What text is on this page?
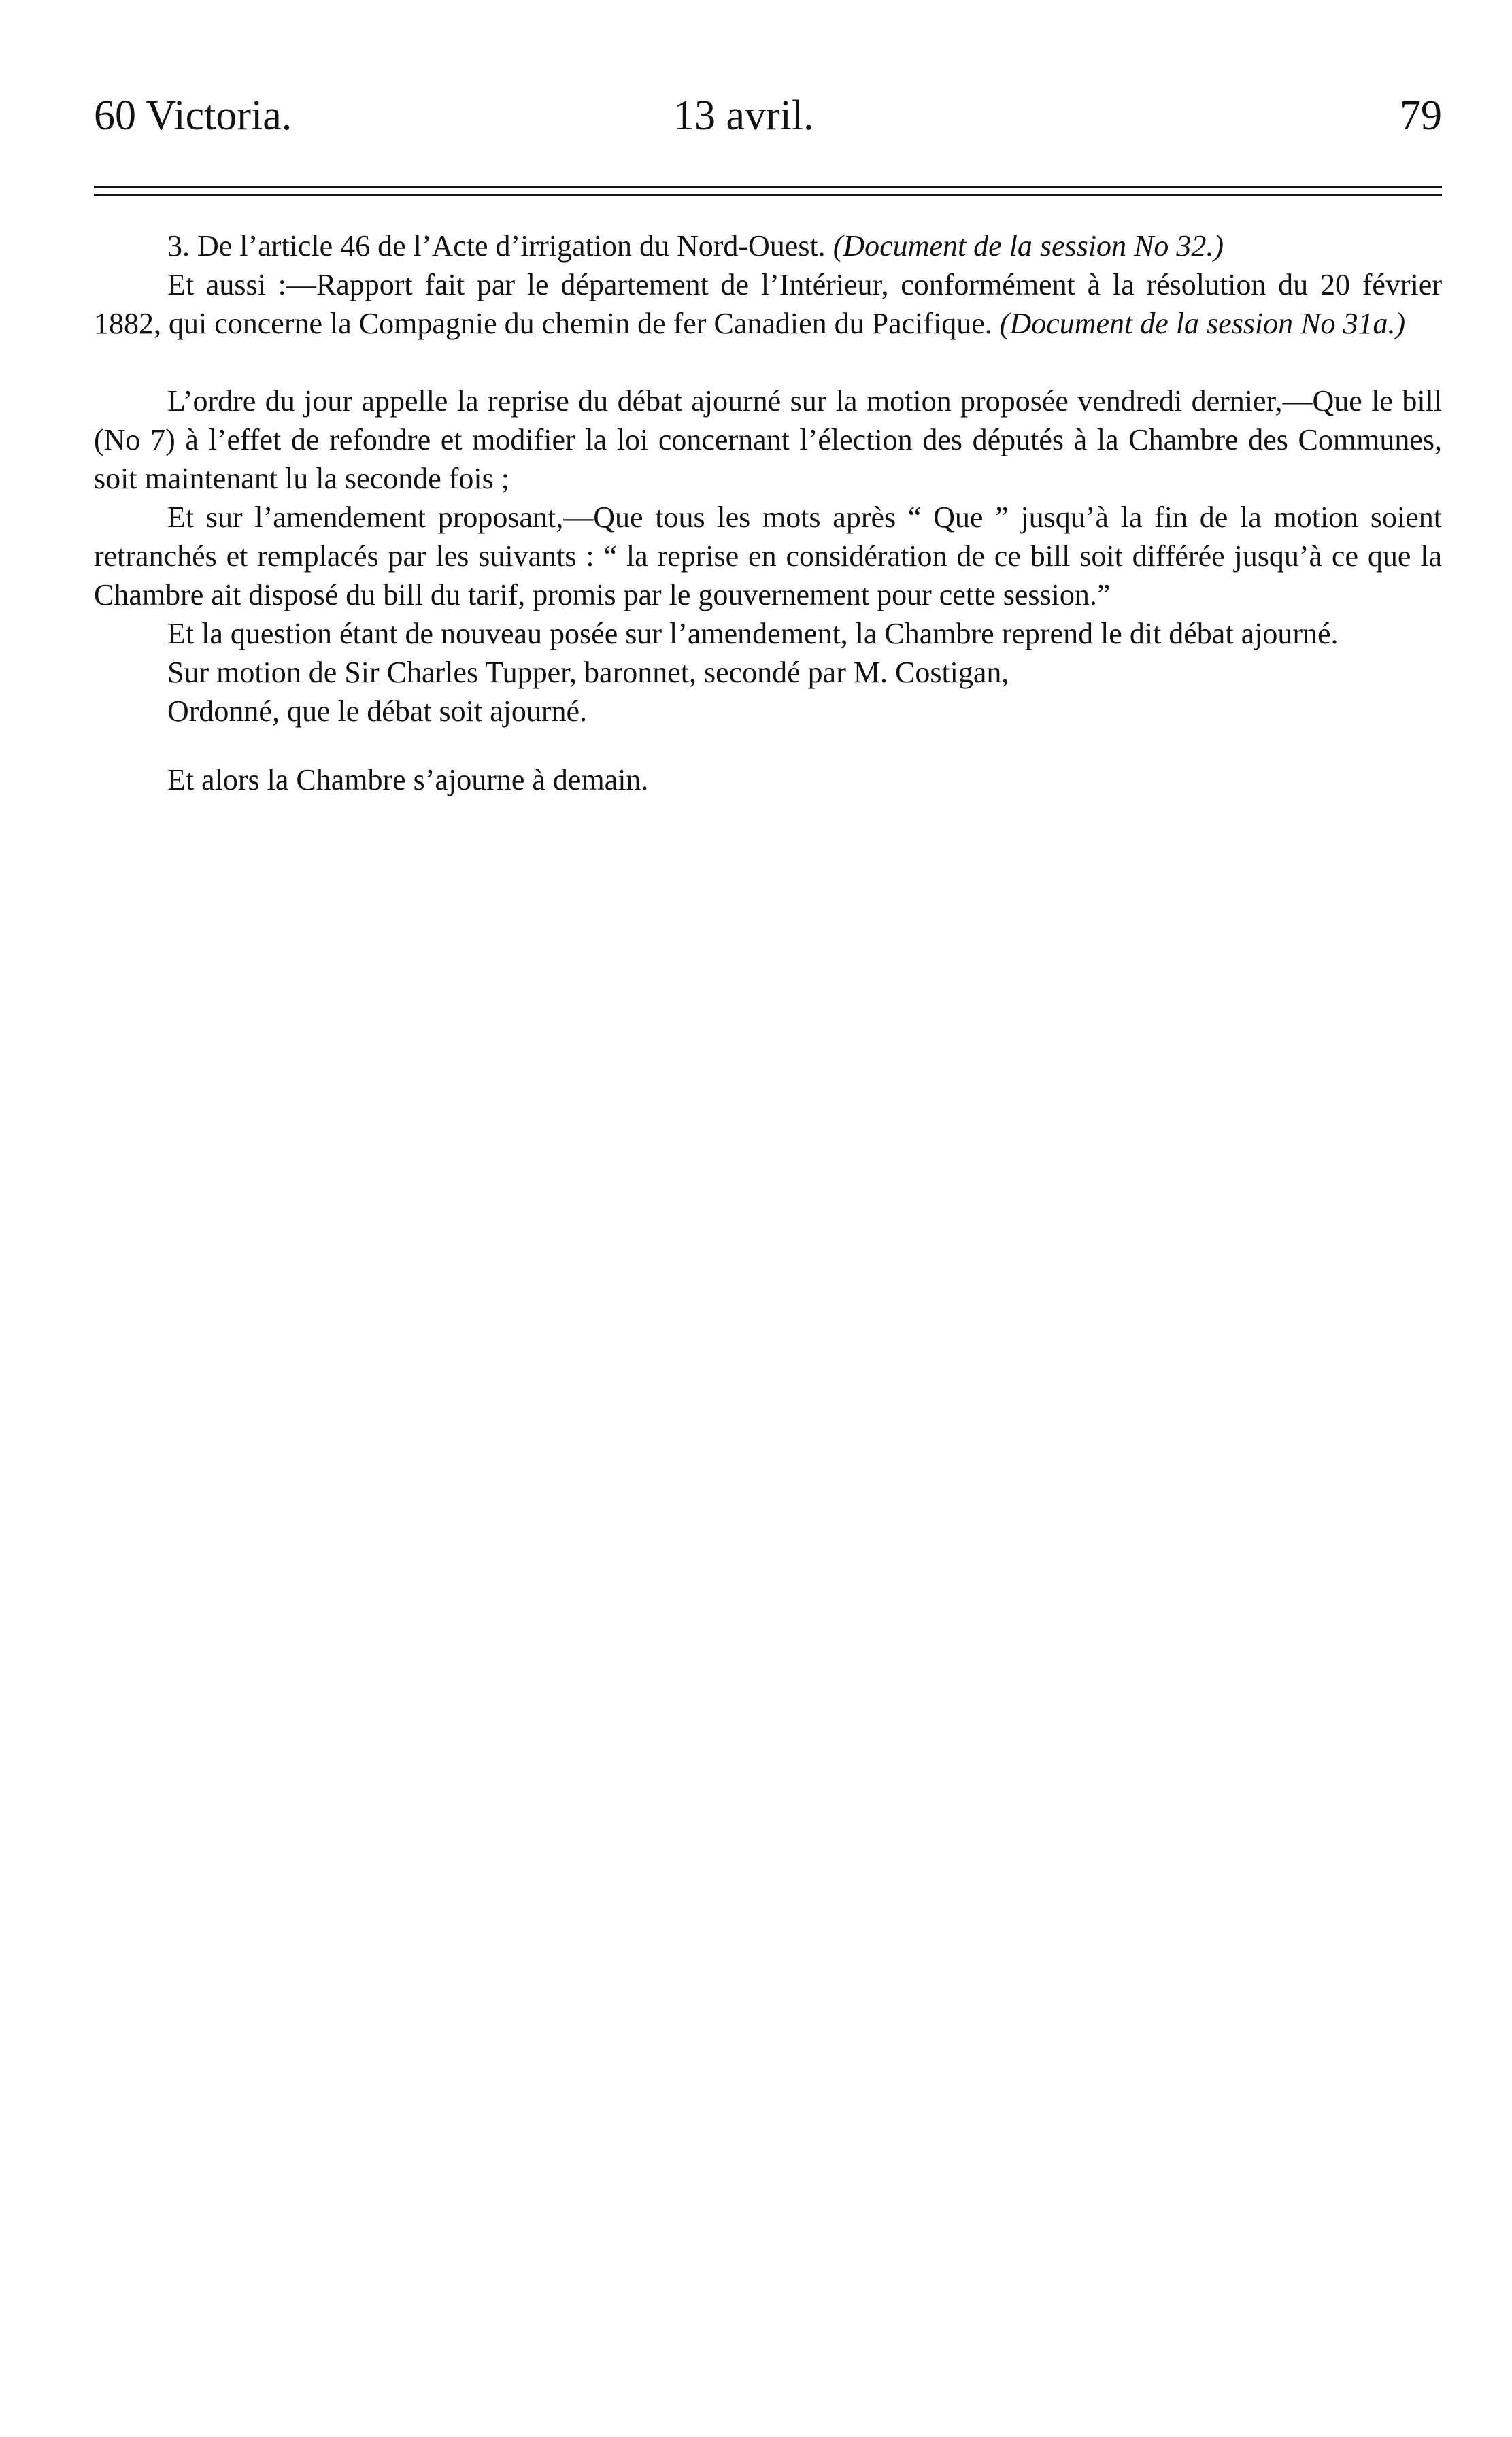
60 Victoria.	13 avril.	79

3. De l’article 46 de l’Acte d’irrigation du Nord-Ouest. (Document de la session No 32.)

Et aussi :—Rapport fait par le département de l’Intérieur, conformément à la résolution du 20 février 1882, qui concerne la Compagnie du chemin de fer Canadien du Pacifique. (Document de la session No 31a.)

L’ordre du jour appelle la reprise du débat ajourné sur la motion proposée vendredi dernier,—Que le bill (No 7) à l’effet de refondre et modifier la loi concernant l’élection des députés à la Chambre des Communes, soit maintenant lu la seconde fois ;

Et sur l’amendement proposant,—Que tous les mots après “ Que ” jusqu’à la fin de la motion soient retranchés et remplacés par les suivants : “ la reprise en considération de ce bill soit différée jusqu’à ce que la Chambre ait disposé du bill du tarif, promis par le gouvernement pour cette session.”

Et la question étant de nouveau posée sur l’amendement, la Chambre reprend le dit débat ajourné.

Sur motion de Sir Charles Tupper, baronnet, secondé par M. Costigan,

Ordonné, que le débat soit ajourné.

Et alors la Chambre s’ajourne à demain.
